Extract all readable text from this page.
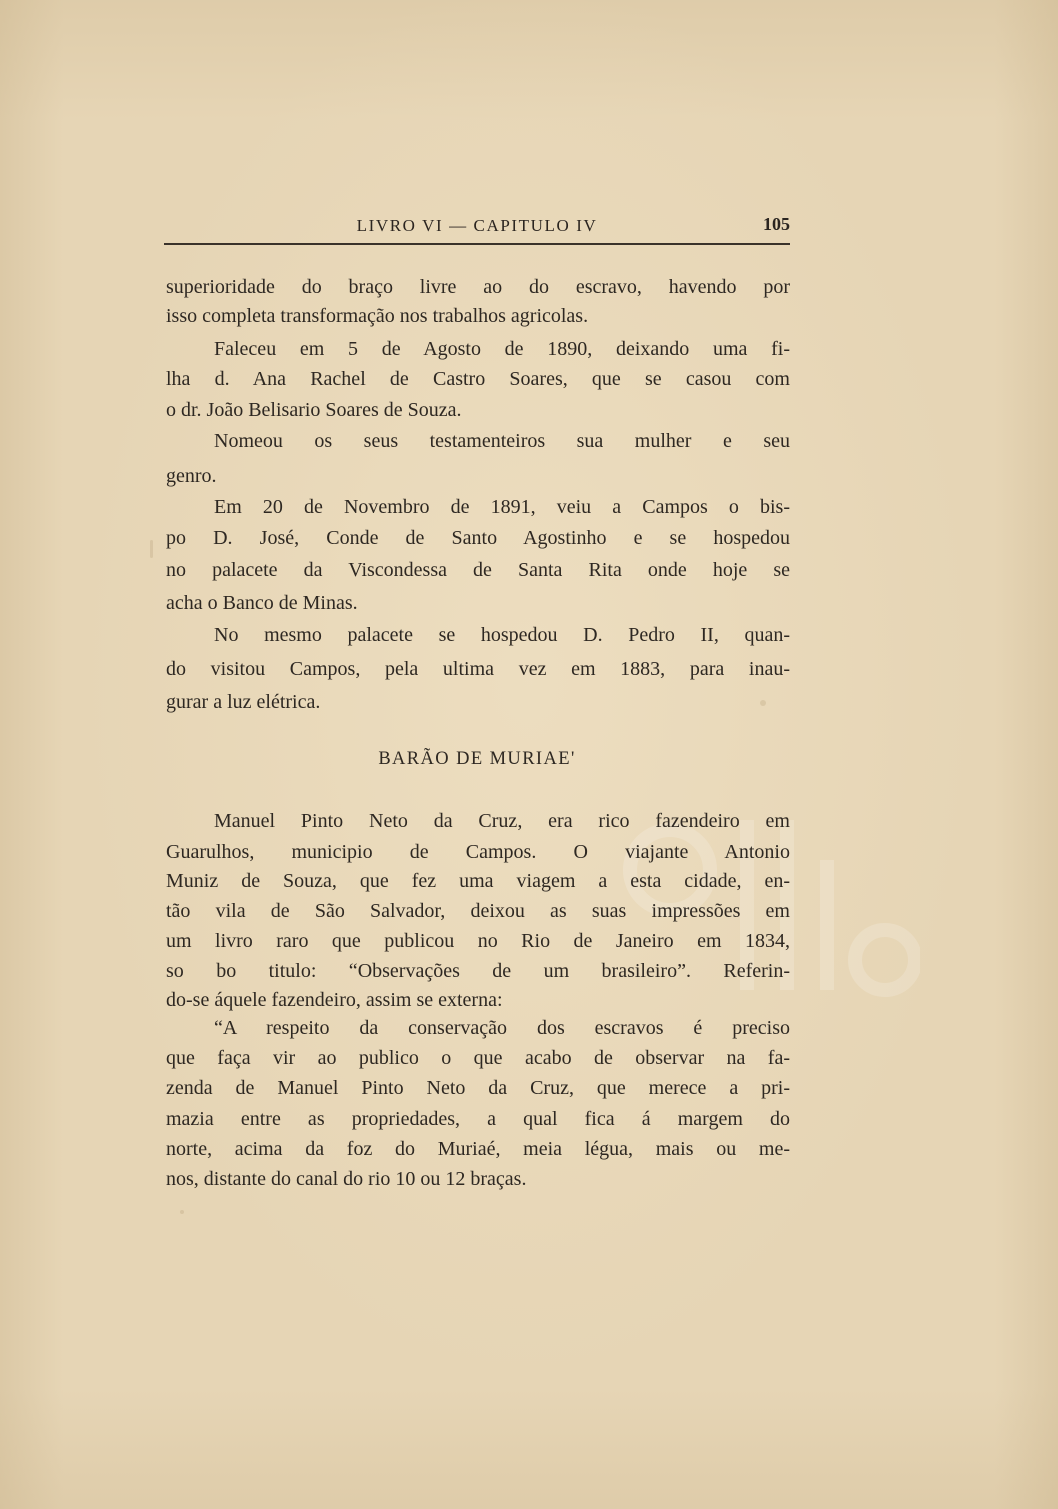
LIVRO VI — CAPITULO IV	105
superioridade do braço livre ao do escravo, havendo por
isso completa transformação nos trabalhos agricolas.
Faleceu em 5 de Agosto de 1890, deixando uma fi-
lha d. Ana Rachel de Castro Soares, que se casou com
o dr. João Belisario Soares de Souza.
Nomeou os seus testamenteiros sua mulher e seu
genro.
Em 20 de Novembro de 1891, veiu a Campos o bis-
po D. José, Conde de Santo Agostinho e se hospedou
no palacete da Viscondessa de Santa Rita onde hoje se
acha o Banco de Minas.
No mesmo palacete se hospedou D. Pedro II, quan-
do visitou Campos, pela ultima vez em 1883, para inau-
gurar a luz elétrica.
BARÃO DE MURIAE'
Manuel Pinto Neto da Cruz, era rico fazendeiro em
Guarulhos, municipio de Campos. O viajante Antonio
Muniz de Souza, que fez uma viagem a esta cidade, en-
tão vila de São Salvador, deixou as suas impressões em
um livro raro que publicou no Rio de Janeiro em 1834,
so bo titulo: “Observações de um brasileiro”. Referin-
do-se áquele fazendeiro, assim se externa:
“A respeito da conservação dos escravos é preciso
que faça vir ao publico o que acabo de observar na fa-
zenda de Manuel Pinto Neto da Cruz, que merece a pri-
mazia entre as propriedades, a qual fica á margem do
norte, acima da foz do Muriaé, meia légua, mais ou me-
nos, distante do canal do rio 10 ou 12 braças.
